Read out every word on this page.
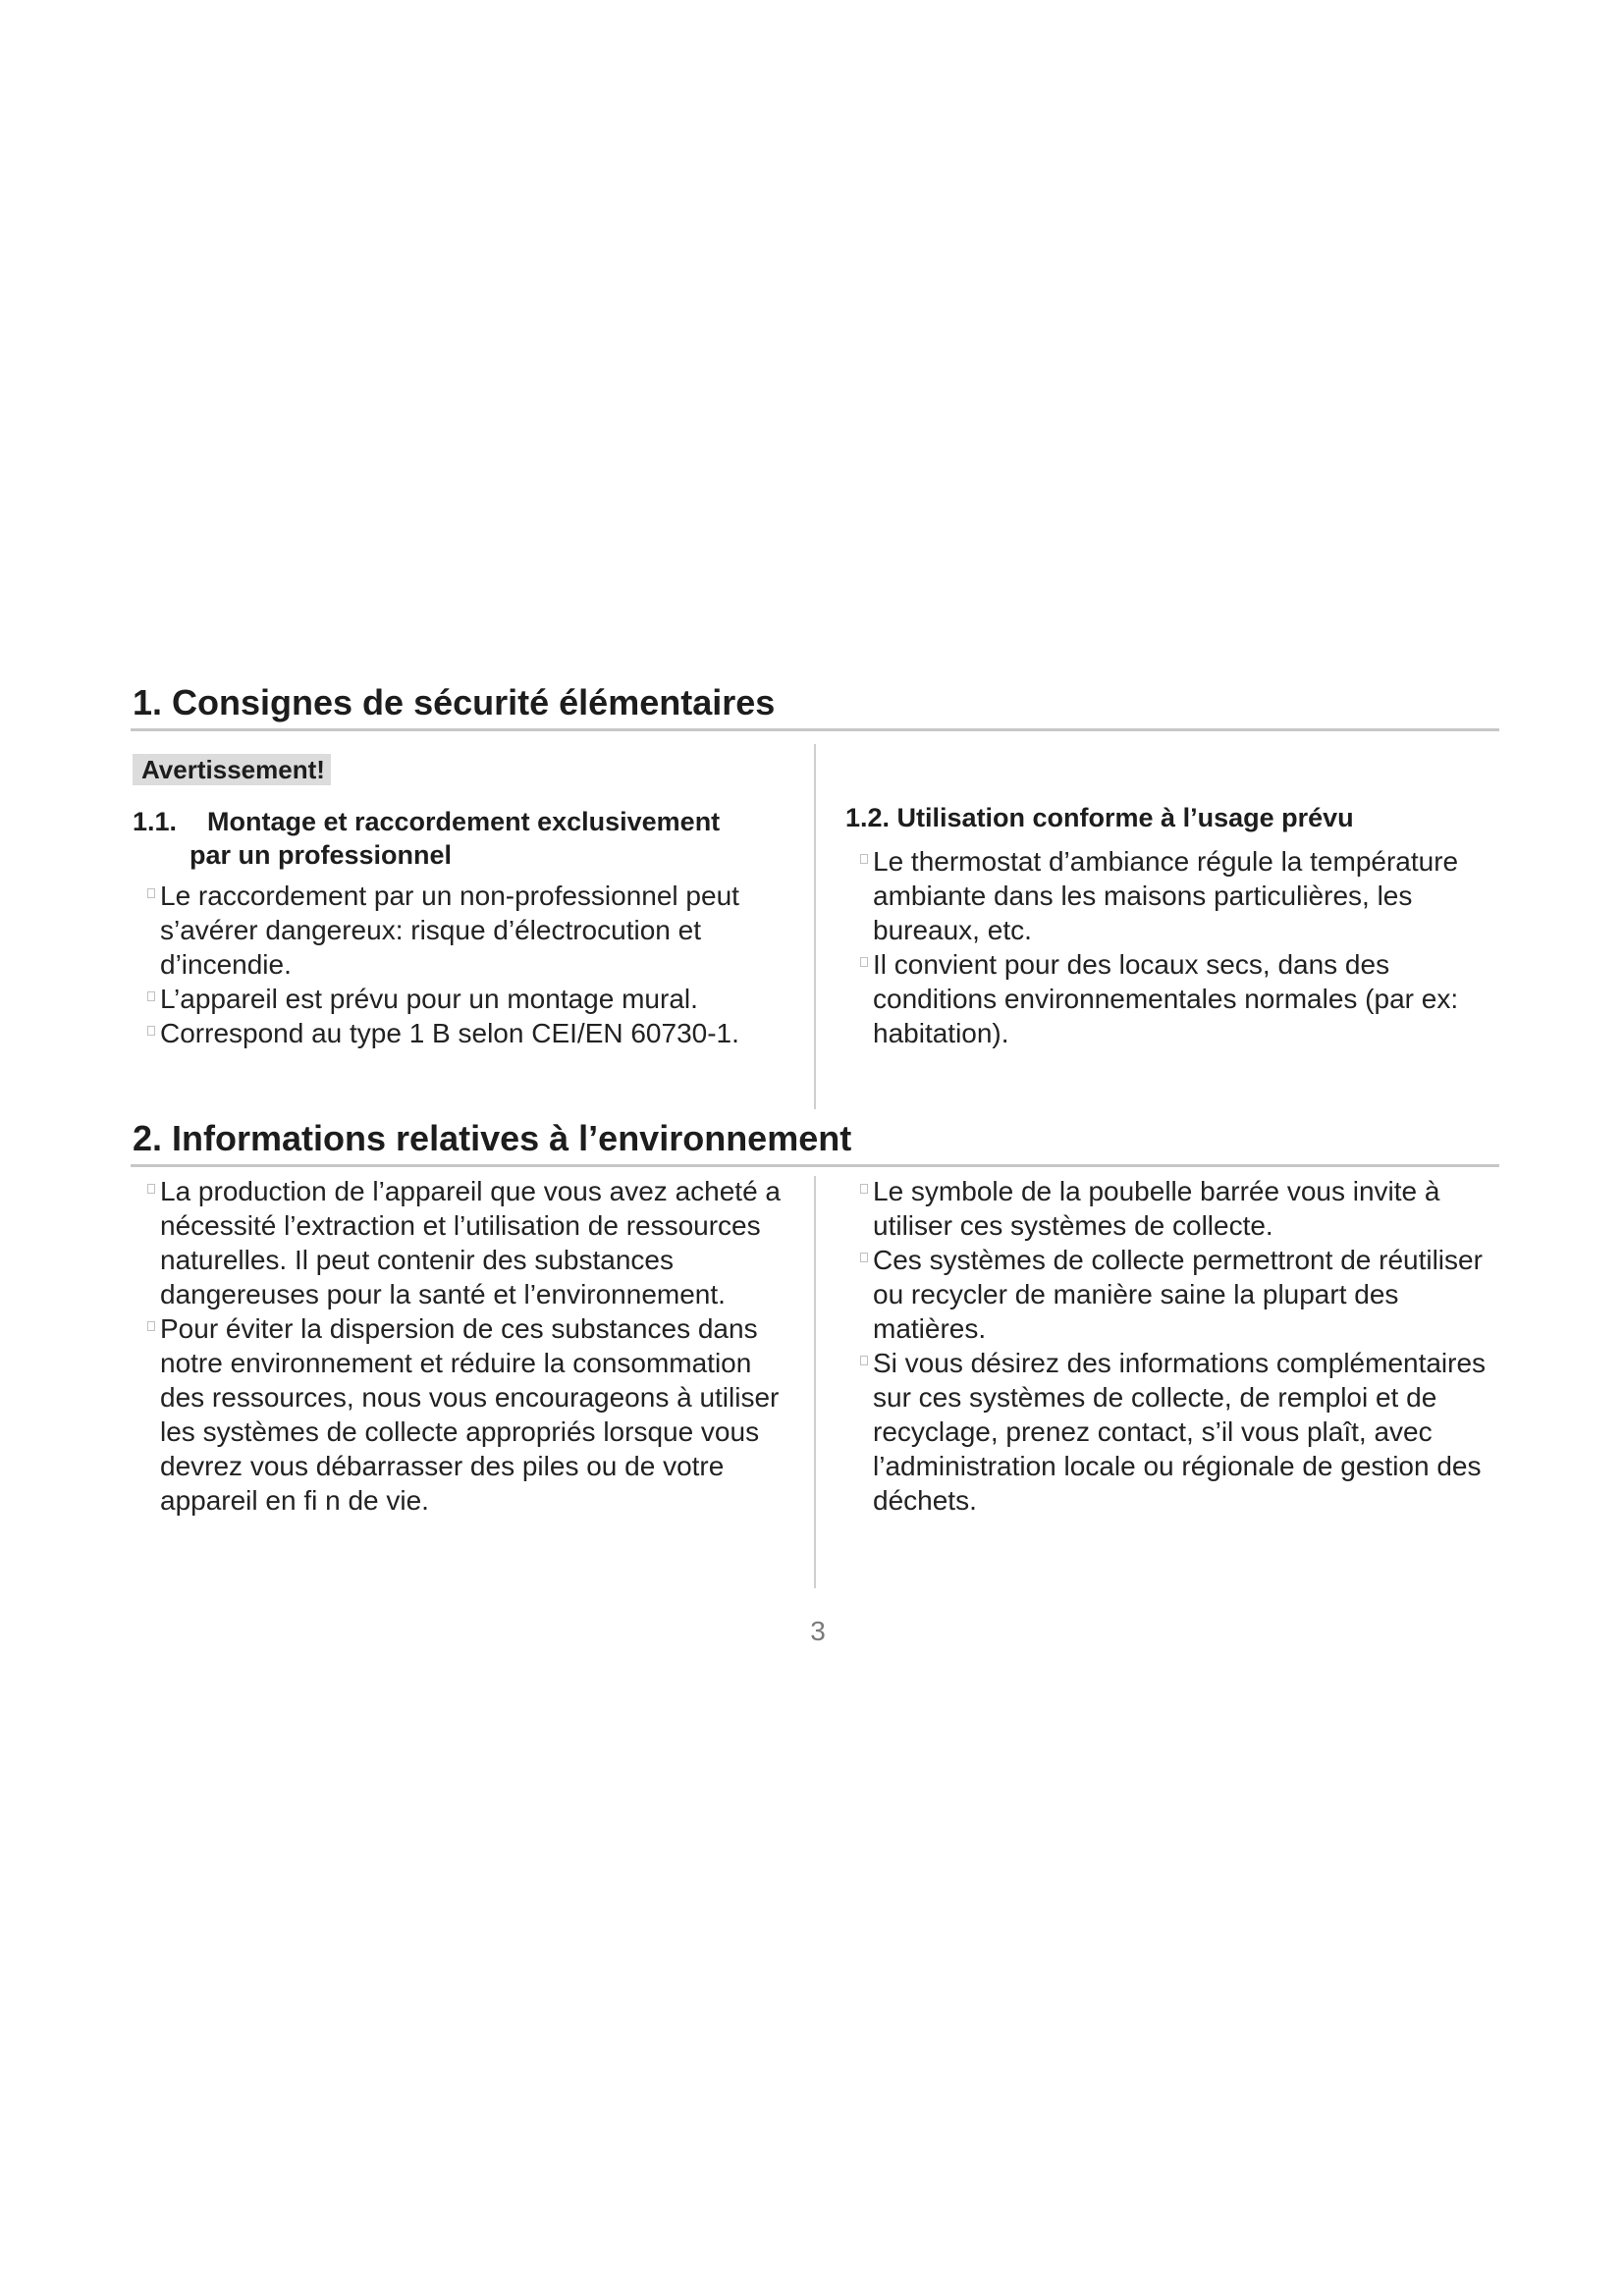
1. Consignes de sécurité élémentaires
Avertissement!
1.1. Montage et raccordement exclusivement
par un professionnel
Le raccordement par un non-professionnel peut s’avérer dangereux: risque d’électrocution et d’incendie.
L’appareil est prévu pour un montage mural.
Correspond au type 1 B selon CEI/EN 60730-1.
1.2. Utilisation conforme à l’usage prévu
Le thermostat d’ambiance régule la température ambiante dans les maisons particulières, les bureaux, etc.
Il convient pour des locaux secs, dans des conditions environnementales normales (par ex: habitation).
2. Informations relatives à l’environnement
La production de l’appareil que vous avez acheté a nécessité l’extraction et l’utilisation de ressources naturelles. Il peut contenir des substances dangereuses pour la santé et l’environnement.
Pour éviter la dispersion de ces substances dans notre environnement et réduire la consommation des ressources, nous vous encourageons à utiliser les systèmes de collecte appropriés lorsque vous devrez vous débarrasser des piles ou de votre appareil en fi n de vie.
Le symbole de la poubelle barrée vous invite à utiliser ces systèmes de collecte.
Ces systèmes de collecte permettront de réutiliser ou recycler de manière saine la plupart des matières.
Si vous désirez des informations complémentaires sur ces systèmes de collecte, de remploi et de recyclage, prenez contact, s’il vous plaît, avec l’administration locale ou régionale de gestion des déchets.
3
